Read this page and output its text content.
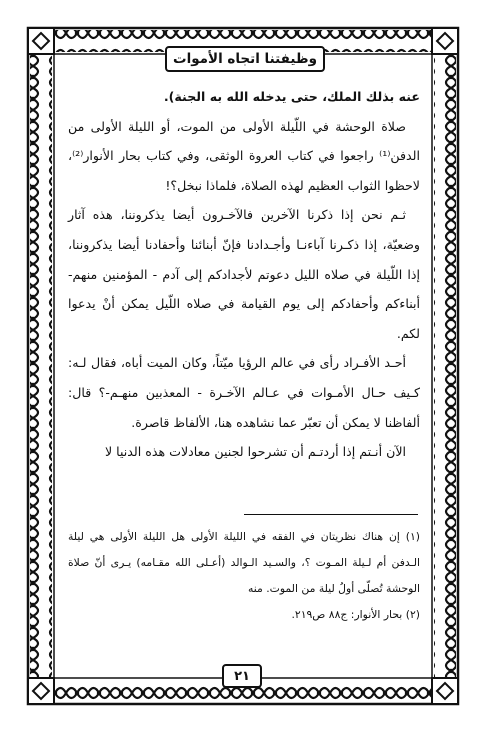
وظيفتنا اتجاه الأموات

عنه بذلك الملك، حتى يدخله الله به الجنة).

صلاة الوحشة في اللّيلة الأولى من الموت، أو الليلة الأولى من الدفن⁽¹⁾ راجعوا في كتاب العروة الوثقى، وفي كتاب بحار الأنوار⁽²⁾، لاحظوا الثواب العظيم لهذه الصلاة، فلماذا نبخل؟!

ثـم نحن إذا ذكرنا الآخرين فالآخـرون أيضا يذكروننا، هذه آثار وضعيّة، إذا ذكـرنا آباءنـا وأجـدادنا فإنّ أبنائنا وأحفادنا أيضا يذكروننا، إذا اللّيلة في صلاه الليل دعوتم لأجدادكم إلى آدم - المؤمنين منهم- أبناءكم وأحفادكم إلى يوم القيامة في صلاه اللّيل يمكن أنْ يدعوا لكم.

أحـد الأفـراد رأى في عالم الرؤيا ميّتاً، وكان الميت أباه، فقال لـه: كـيف حـال الأمـوات في عـالم الآخـرة - المعذبين منهـم-؟ قال: ألفاظنا لا يمكن أن تعبّر عما نشاهده هنا، الألفاظ قاصرة.

الآن أنـتم إذا أردتـم أن تشرحوا لجنين معادلات هذه الدنيا لا

(١) إن هناك نظريتان في الفقه في الليلة الأولى هل الليلة الأولى هي ليلة الـدفن أم لـيلة المـوت ؟، والسـيد الـوالد (أعـلى الله مقـامه) يـرى أنّ صلاة الوحشة تُصلّى أولُ ليلة من الموت. منه

(٢) بحار الأنوار: ج٨٨ ص٢١٩.

٢١
